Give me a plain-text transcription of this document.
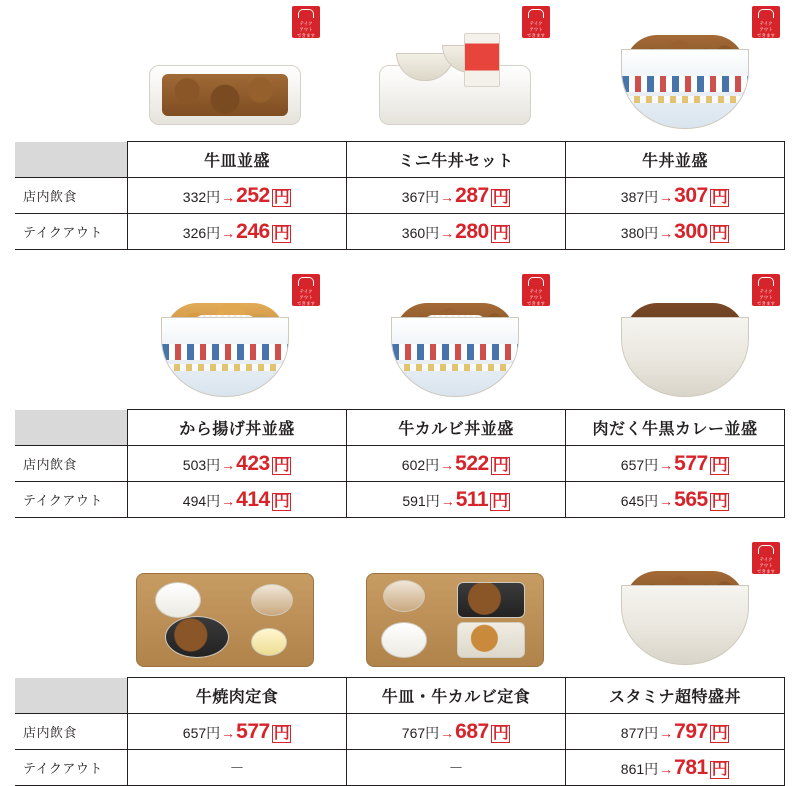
テイク
アウト
できます
テイク
アウト
できます
テイク
アウト
できます
	牛皿並盛	ミニ牛丼セット	牛丼並盛
店内飲食	332円→252 円	367円→287 円	387円→307 円
テイクアウト	326円→246 円	360円→280 円	380円→300 円
テイク
アウト
できます
テイク
アウト
できます
テイク
アウト
できます
	から揚げ丼並盛	牛カルビ丼並盛	肉だく牛黒カレー並盛
店内飲食	503円→423 円	602円→522 円	657円→577 円
テイクアウト	494円→414 円	591円→511 円	645円→565 円
テイク
アウト
できます
	牛焼肉定食	牛皿・牛カルビ定食	スタミナ超特盛丼
店内飲食	657円→577 円	767円→687 円	877円→797 円
テイクアウト	－	－	861円→781 円
